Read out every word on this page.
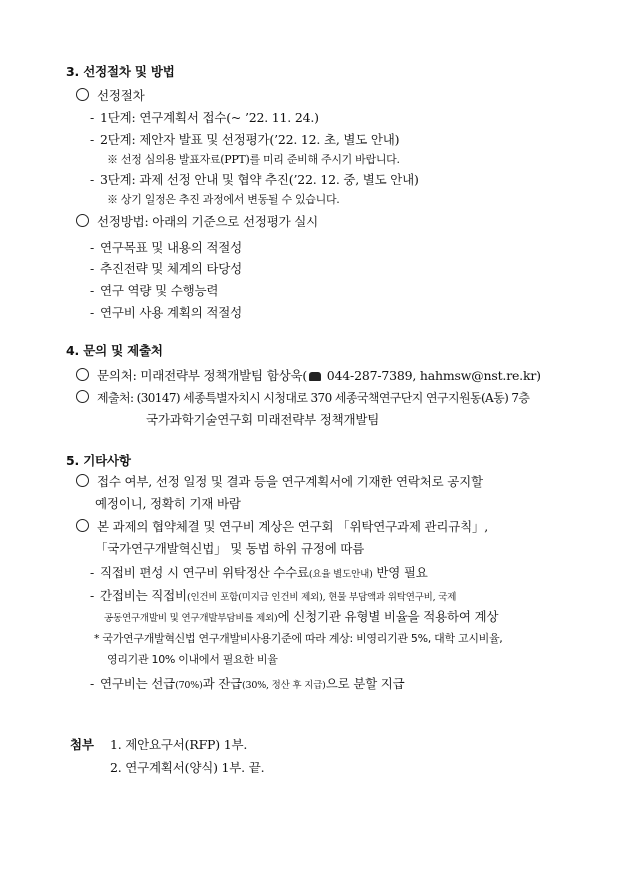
3. 선정절차 및 방법
선정절차
- 1단계: 연구계획서 접수(~ ’22. 11. 24.)
- 2단계: 제안자 발표 및 선정평가(’22. 12. 초, 별도 안내)
※ 선정 심의용 발표자료(PPT)를 미리 준비해 주시기 바랍니다.
- 3단계: 과제 선정 안내 및 협약 추진(’22. 12. 중, 별도 안내)
※ 상기 일정은 추진 과정에서 변동될 수 있습니다.
선정방법: 아래의 기준으로 선정평가 실시
- 연구목표 및 내용의 적절성
- 추진전략 및 체계의 타당성
- 연구 역량 및 수행능력
- 연구비 사용 계획의 적절성
4. 문의 및 제출처
문의처: 미래전략부 정책개발팀 함상욱( 044-287-7389, hahmsw@nst.re.kr)
제출처: (30147) 세종특별자치시 시청대로 370 세종국책연구단지 연구지원동(A동) 7층
국가과학기술연구회 미래전략부 정책개발팀
5. 기타사항
접수 여부, 선정 일정 및 결과 등을 연구계획서에 기재한 연락처로 공지할
예정이니, 정확히 기재 바람
본 과제의 협약체결 및 연구비 계상은 연구회 「위탁연구과제 관리규칙」,
「국가연구개발혁신법」 및 동법 하위 규정에 따름
- 직접비 편성 시 연구비 위탁정산 수수료(요율 별도안내) 반영 필요
- 간접비는 직접비(인건비 포함(미지급 인건비 제외), 현물 부담액과 위탁연구비, 국제
공동연구개발비 및 연구개발부담비를 제외)에 신청기관 유형별 비율을 적용하여 계상
* 국가연구개발혁신법 연구개발비사용기준에 따라 계상: 비영리기관 5%, 대학 고시비율,
영리기관 10% 이내에서 필요한 비율
- 연구비는 선급(70%)과 잔급(30%, 정산 후 지급)으로 분할 지급
첨부 1. 제안요구서(RFP) 1부.
2. 연구계획서(양식) 1부. 끝.
